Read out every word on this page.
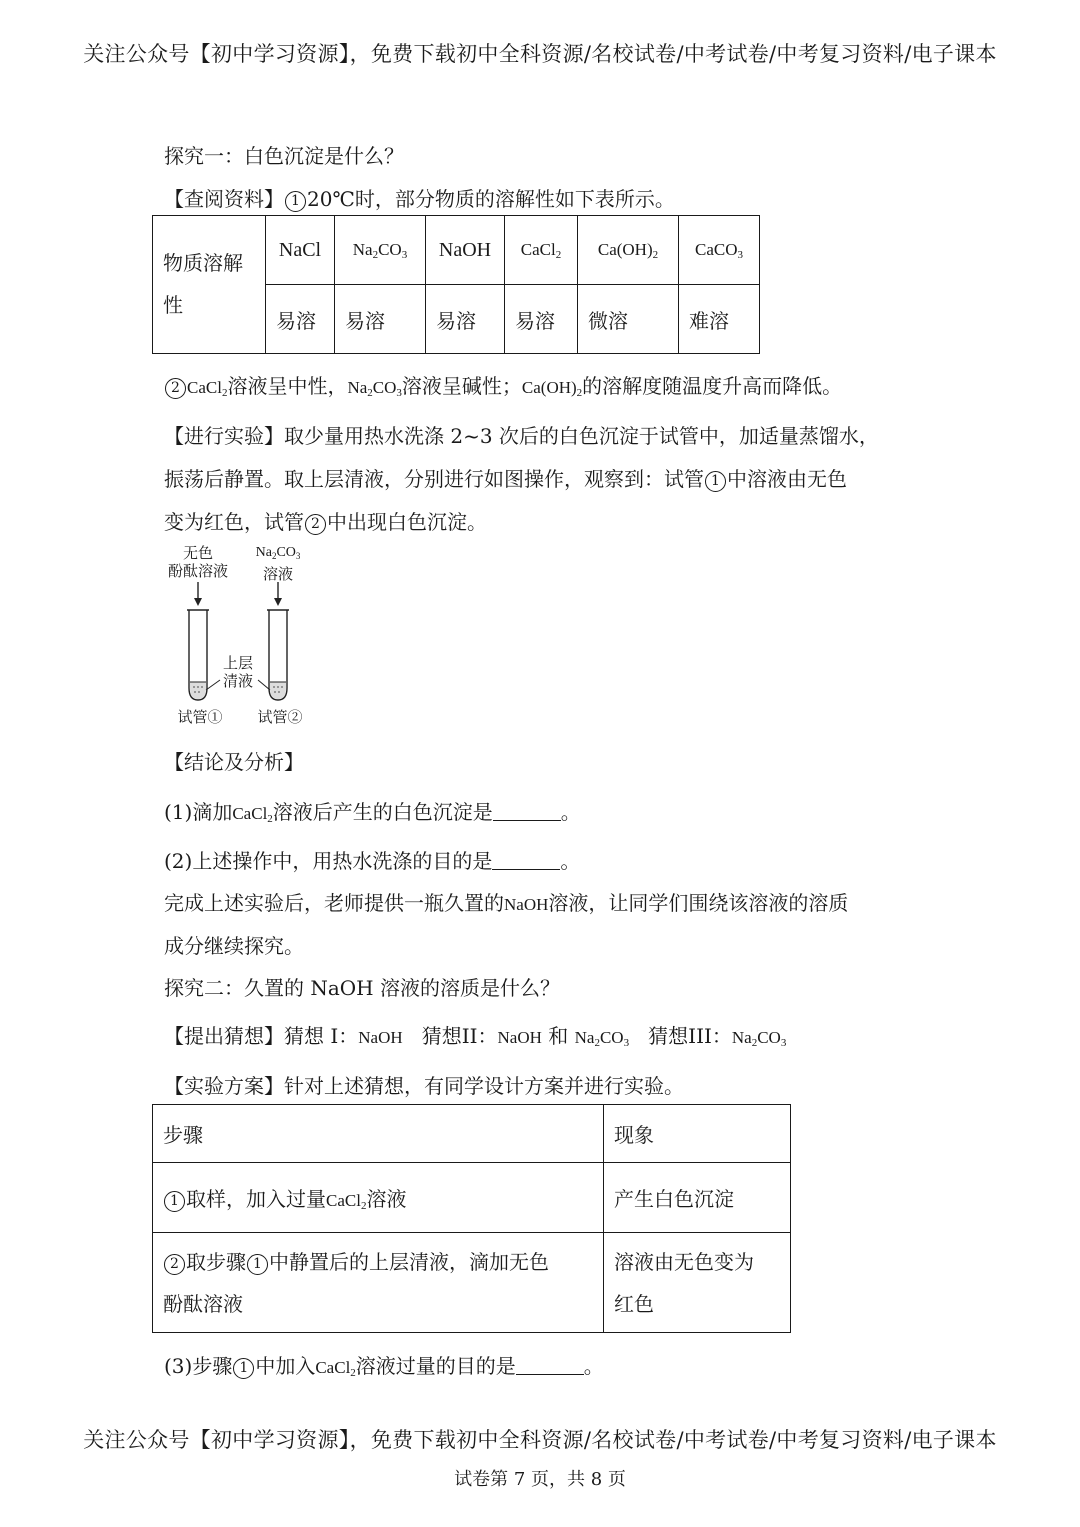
关注公众号【初中学习资源】，免费下载初中全科资源/名校试卷/中考试卷/中考复习资料/电子课本
探究一：白色沉淀是什么？
【查阅资料】 1 20℃时，部分物质的溶解性如下表所示。
物质溶解
性	NaCl	$Na_2CO_3$	NaOH	CaCl$_2$	$Ca(OH)_2$	CaCO$_3$
	易溶	易溶	易溶	易溶	微溶	难溶
2 CaCl$_2$溶液呈中性，$Na_2CO_3$溶液呈碱性；$Ca(OH)_2$的溶解度随温度升高而降低。
【进行实验】取少量用热水洗涤 2~3 次后的白色沉淀于试管中，加适量蒸馏水，
振荡后静置。取上层清液，分别进行如图操作，观察到：试管 1 中溶液由无色
变为红色，试管 2 中出现白色沉淀。
无色
酚酞溶液
$Na_2CO_3$
溶液
上层
清液
试管①	试管②
【结论及分析】
(1)滴加CaCl$_2$溶液后产生的白色沉淀是	。
(2)上述操作中，用热水洗涤的目的是	。
完成上述实验后，老师提供一瓶久置的NaOH溶液，让同学们围绕该溶液的溶质
成分继续探究。
探究二：久置的 NaOH 溶液的溶质是什么？
【提出猜想】猜想 I：NaOH   猜想II：NaOH 和 $Na_2CO_3$   猜想III：$Na_2CO_3$
【实验方案】针对上述猜想，有同学设计方案并进行实验。
步骤	现象
1 取样，加入过量CaCl$_2$溶液	产生白色沉淀
2 取步骤 1 中静置后的上层清液，滴加无色
酚酞溶液	溶液由无色变为
红色
(3)步骤 1 中加入CaCl$_2$溶液过量的目的是	。
关注公众号【初中学习资源】，免费下载初中全科资源/名校试卷/中考试卷/中考复习资料/电子课本
试卷第 7 页，共 8 页
